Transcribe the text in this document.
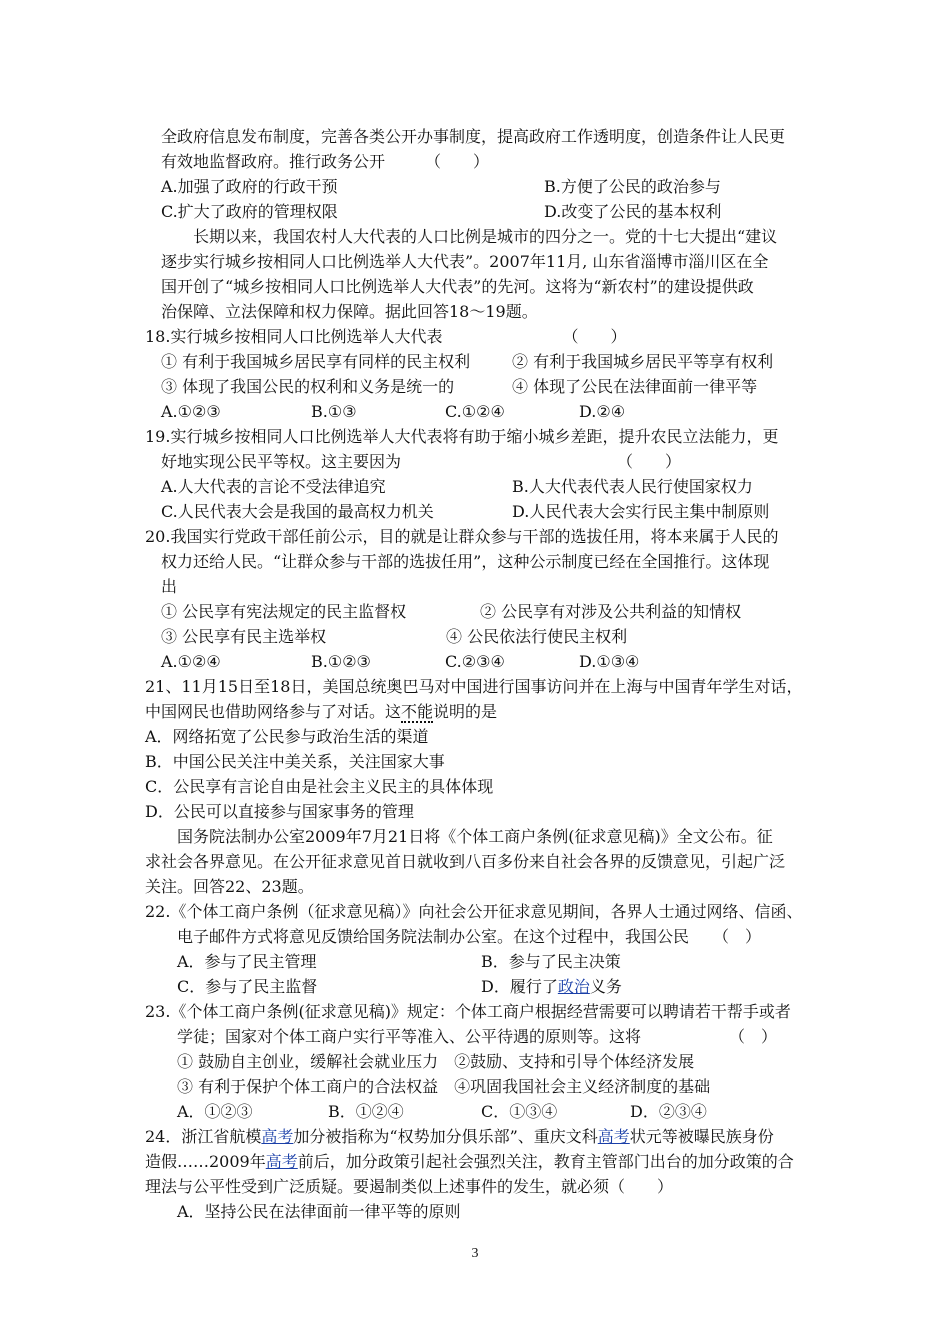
全政府信息发布制度，完善各类公开办事制度，提高政府工作透明度，创造条件让人民更
有效地监督政府。推行政务公开　　　（　　）
A.加强了政府的行政干预	B.方便了公民的政治参与
C.扩大了政府的管理权限	D.改变了公民的基本权利
长期以来，我国农村人大代表的人口比例是城市的四分之一。党的十七大提出“建议
逐步实行城乡按相同人口比例选举人大代表”。2007年11月, 山东省淄博市淄川区在全
国开创了“城乡按相同人口比例选举人大代表”的先河。这将为“新农村”的建设提供政
治保障、立法保障和权力保障。据此回答18～19题。
18.实行城乡按相同人口比例选举人大代表　　　　　　　　（　　）
① 有利于我国城乡居民享有同样的民主权利	② 有利于我国城乡居民平等享有权利
③ 体现了我国公民的权利和义务是统一的	④ 体现了公民在法律面前一律平等
A.①②③	B.①③	C.①②④	D.②④
19.实行城乡按相同人口比例选举人大代表将有助于缩小城乡差距，提升农民立法能力，更
好地实现公民平等权。这主要因为　　　　　　　　　　　　　　（　　）
A.人大代表的言论不受法律追究	B.人大代表代表人民行使国家权力
C.人民代表大会是我国的最高权力机关	D.人民代表大会实行民主集中制原则
20.我国实行党政干部任前公示，目的就是让群众参与干部的选拔任用，将本来属于人民的
权力还给人民。“让群众参与干部的选拔任用”，这种公示制度已经在全国推行。这体现
出
① 公民享有宪法规定的民主监督权	② 公民享有对涉及公共利益的知情权
③ 公民享有民主选举权	④ 公民依法行使民主权利
A.①②④	B.①②③	C.②③④	D.①③④
21、11月15日至18日，美国总统奥巴马对中国进行国事访问并在上海与中国青年学生对话，
中国网民也借助网络参与了对话。这不能说明的是
A．网络拓宽了公民参与政治生活的渠道
B．中国公民关注中美关系，关注国家大事
C．公民享有言论自由是社会主义民主的具体体现
D．公民可以直接参与国家事务的管理
国务院法制办公室2009年7月21日将《个体工商户条例(征求意见稿)》全文公布。征
求社会各界意见。在公开征求意见首日就收到八百多份来自社会各界的反馈意见，引起广泛
关注。回答22、23题。
22.《个体工商户条例（征求意见稿）》向社会公开征求意见期间，各界人士通过网络、信函、
电子邮件方式将意见反馈给国务院法制办公室。在这个过程中，我国公民　　（　）
A．参与了民主管理	B．参与了民主决策
C．参与了民主监督	D．履行了政治义务
23.《个体工商户条例(征求意见稿)》规定：个体工商户根据经营需要可以聘请若干帮手或者
学徒；国家对个体工商户实行平等准入、公平待遇的原则等。这将　　　　　　（　）
① 鼓励自主创业，缓解社会就业压力　②鼓励、支持和引导个体经济发展
③ 有利于保护个体工商户的合法权益　④巩固我国社会主义经济制度的基础
A．①②③	B．①②④	C．①③④	D．②③④
24．浙江省航模高考加分被指称为“权势加分俱乐部”、重庆文科高考状元等被曝民族身份
造假……2009年高考前后，加分政策引起社会强烈关注，教育主管部门出台的加分政策的合
理法与公平性受到广泛质疑。要遏制类似上述事件的发生，就必须（　　）
A．坚持公民在法律面前一律平等的原则
3
